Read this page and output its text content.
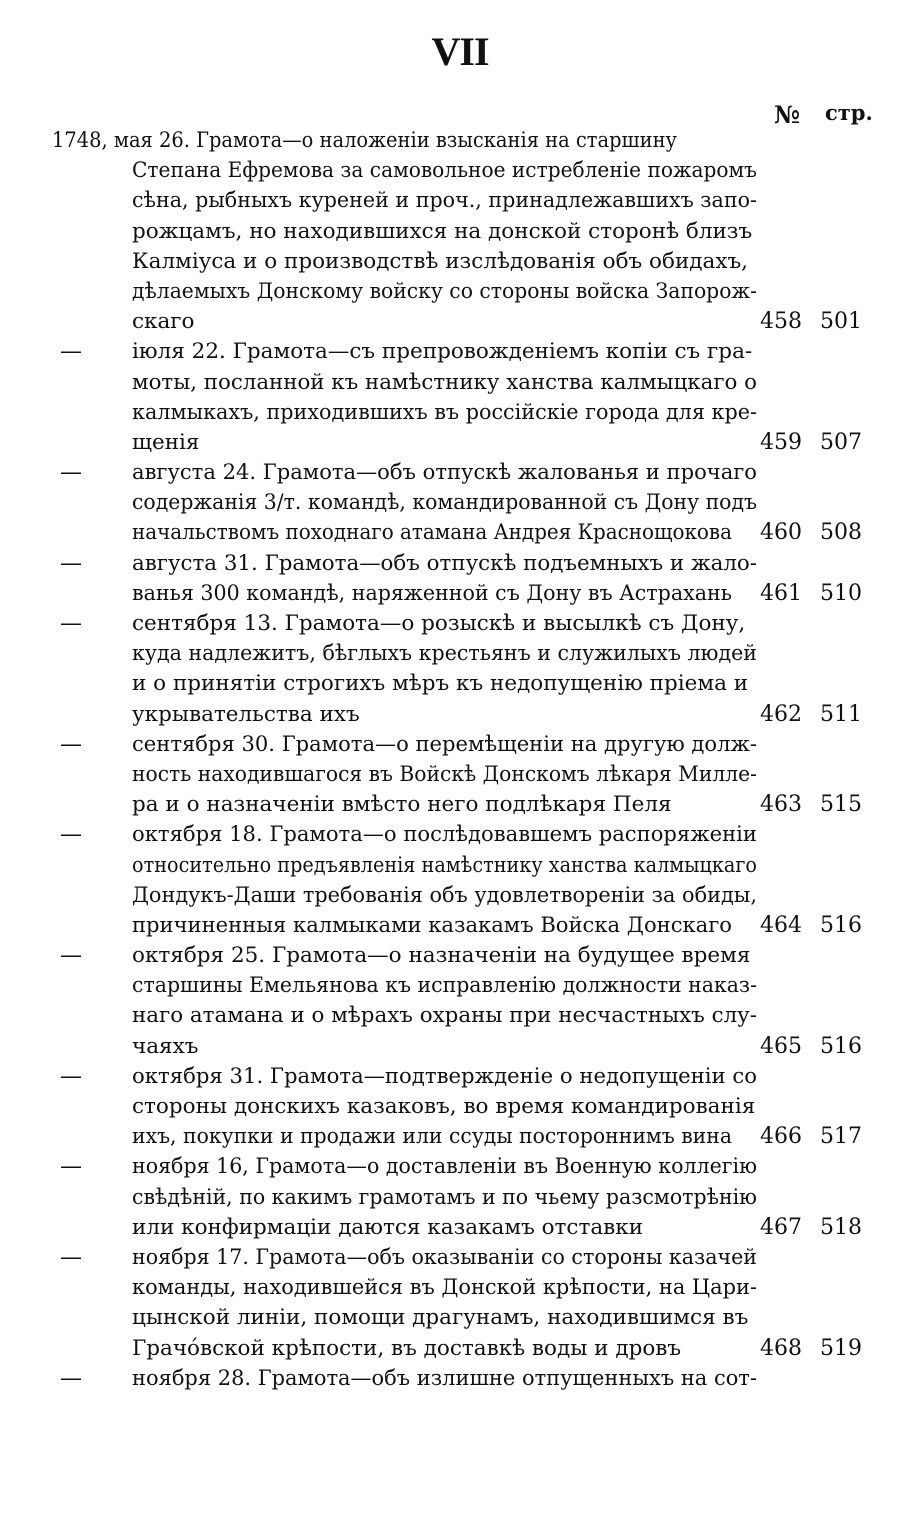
VII
№ стр.
1748, мая 26. Грамота—о наложеніи взысканія на старшину
Степана Ефремова за самовольное истребленіе пожаромъ
сѣна, рыбныхъ куреней и проч., принадлежавшихъ запо-
рожцамъ, но находившихся на донской сторонѣ близъ
Калміуса и о производствѣ изслѣдованія объ обидахъ,
дѣлаемыхъ Донскому войску со стороны войска Запорож-
скаго	458 501
— іюля 22. Грамота—съ препровожденіемъ копіи съ гра-
моты, посланной къ намѣстнику ханства калмыцкаго о
калмыкахъ, приходившихъ въ россійскіе города для кре-
щенія	459 507
— августа 24. Грамота—объ отпускѣ жалованья и прочаго
содержанія 3/т. командѣ, командированной съ Дону подъ
начальствомъ походнаго атамана Андрея Краснощокова 460 508
— августа 31. Грамота—объ отпускѣ подъемныхъ и жало-
ванья 300 командѣ, наряженной съ Дону въ Астрахань 461 510
— сентября 13. Грамота—о розыскѣ и высылкѣ съ Дону,
куда надлежитъ, бѣглыхъ крестьянъ и служилыхъ людей
и о принятіи строгихъ мѣръ къ недопущенію пріема и
укрывательства ихъ	462 511
— сентября 30. Грамота—о перемѣщеніи на другую долж-
ность находившагося въ Войскѣ Донскомъ лѣкаря Милле-
ра и о назначеніи вмѣсто него подлѣкаря Пеля	463 515
— октября 18. Грамота—о послѣдовавшемъ распоряженіи
относительно предъявленія намѣстнику ханства калмыцкаго
Дондукъ-Даши требованія объ удовлетвореніи за обиды,
причиненныя калмыками казакамъ Войска Донскаго 464 516
— октября 25. Грамота—о назначеніи на будущее время
старшины Емельянова къ исправленію должности наказ-
наго атамана и о мѣрахъ охраны при несчастныхъ слу-
чаяхъ	465 516
— октября 31. Грамота—подтвержденіе о недопущеніи со
стороны донскихъ казаковъ, во время командированія
ихъ, покупки и продажи или ссуды постороннимъ вина 466 517
— ноября 16, Грамота—о доставленіи въ Военную коллегію
свѣдѣній, по какимъ грамотамъ и по чьему разсмотрѣнію
или конфирмаціи даются казакамъ отставки	467 518
— ноября 17. Грамота—объ оказываніи со стороны казачей
команды, находившейся въ Донской крѣпости, на Цари-
цынской линіи, помощи драгунамъ, находившимся въ
Грачо́вской крѣпости, въ доставкѣ воды и дровъ	468 519
— ноября 28. Грамота—объ излишне отпущенныхъ на сот-
